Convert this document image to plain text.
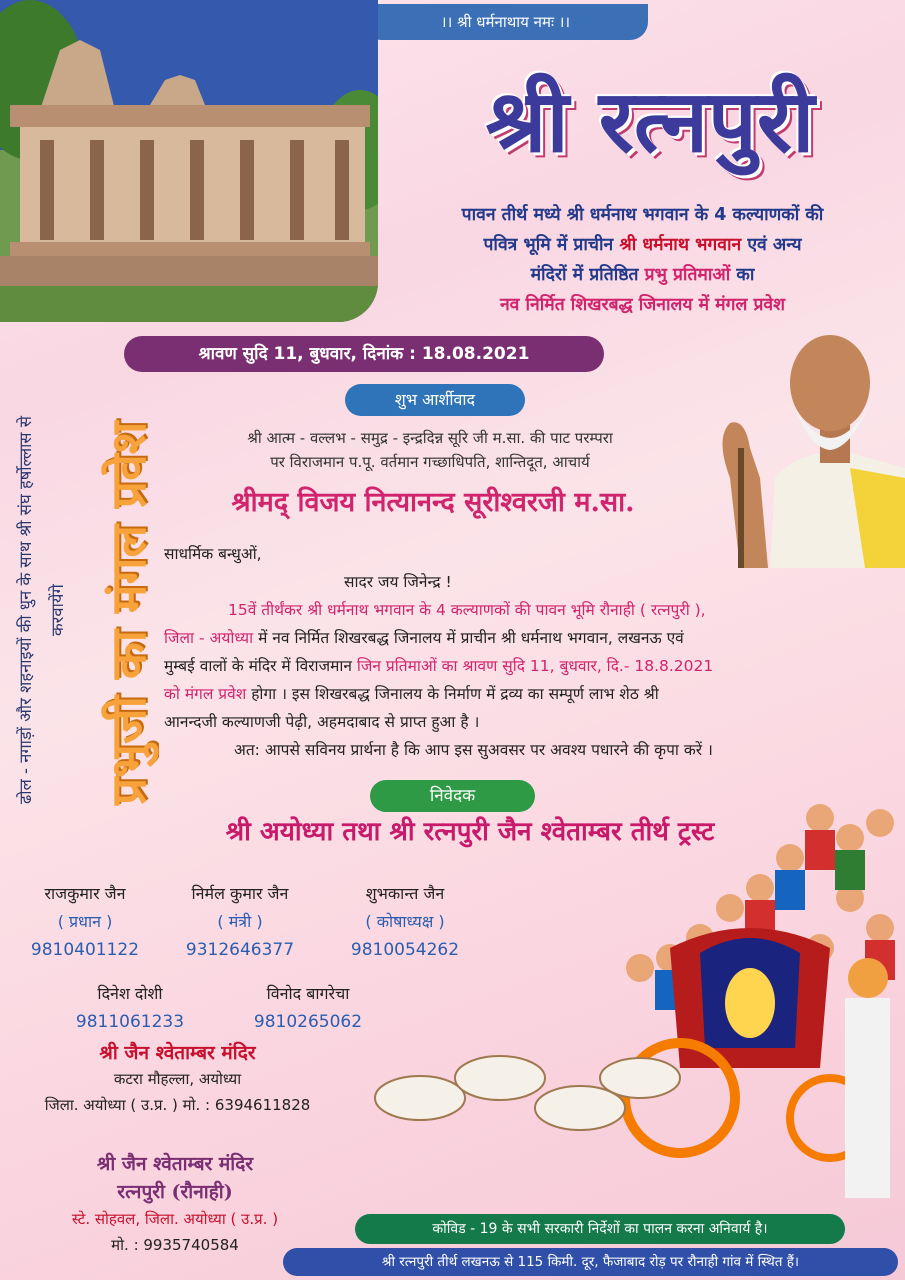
।। श्री धर्मनाथाय नमः ।।
श्री रत्नपुरी
पावन तीर्थ मध्ये श्री धर्मनाथ भगवान के 4 कल्याणकों की
पवित्र भूमि में प्राचीन श्री धर्मनाथ भगवान एवं अन्य
मंदिरों में प्रतिष्ठित प्रभु प्रतिमाओं का
नव निर्मित शिखरबद्ध जिनालय में मंगल प्रवेश
श्रावण सुदि 11, बुधवार, दिनांक : 18.08.2021
शुभ आर्शीवाद
ढोल - नगाड़ों और शहनाइयों की धुन के साथ श्री संघ हर्षोल्लास से करवायेंगे प्रभुजी का मंगल प्रवेश	श्री आत्म - वल्लभ - समुद्र - इन्द्रदिन्न सूरि जी म.सा. की पाट परम्परा
पर विराजमान प.पू. वर्तमान गच्छाधिपति, शान्तिदूत, आचार्य
श्रीमद् विजय नित्यानन्द सूरीश्वरजी म.सा.
साधर्मिक बन्धुओं,
सादर जय जिनेन्द्र !
15वें तीर्थंकर श्री धर्मनाथ भगवान के 4 कल्याणकों की पावन भूमि रौनाही ( रत्नपुरी ),
जिला - अयोध्या में नव निर्मित शिखरबद्ध जिनालय में प्राचीन श्री धर्मनाथ भगवान, लखनऊ एवं
मुम्बई वालों के मंदिर में विराजमान जिन प्रतिमाओं का श्रावण सुदि 11, बुधवार, दि.- 18.8.2021
को मंगल प्रवेश होगा । इस शिखरबद्ध जिनालय के निर्माण में द्रव्य का सम्पूर्ण लाभ शेठ श्री
आनन्दजी कल्याणजी पेढ़ी, अहमदाबाद से प्राप्त हुआ है ।
अत: आपसे सविनय प्रार्थना है कि आप इस सुअवसर पर अवश्य पधारने की कृपा करें ।
निवेदक
श्री अयोध्या तथा श्री रत्नपुरी जैन श्वेताम्बर तीर्थ ट्रस्ट
राजकुमार जैन
( प्रधान )
9810401122
निर्मल कुमार जैन
( मंत्री )
9312646377
शुभकान्त जैन
( कोषाध्यक्ष )
9810054262
दिनेश दोशी
9811061233
विनोद बागरेचा
9810265062
श्री जैन श्वेताम्बर मंदिर
कटरा मौहल्ला, अयोध्या
जिला. अयोध्या ( उ.प्र. ) मो. : 6394611828
श्री जैन श्वेताम्बर मंदिर
रत्नपुरी (रौनाही)
स्टे. सोहवल, जिला. अयोध्या ( उ.प्र. )
मो. : 9935740584
कोविड - 19 के सभी सरकारी निर्देशों का पालन करना अनिवार्य है।
श्री रत्नपुरी तीर्थ लखनऊ से 115 किमी. दूर, फैजाबाद रोड़ पर रौनाही गांव में स्थित हैं।
